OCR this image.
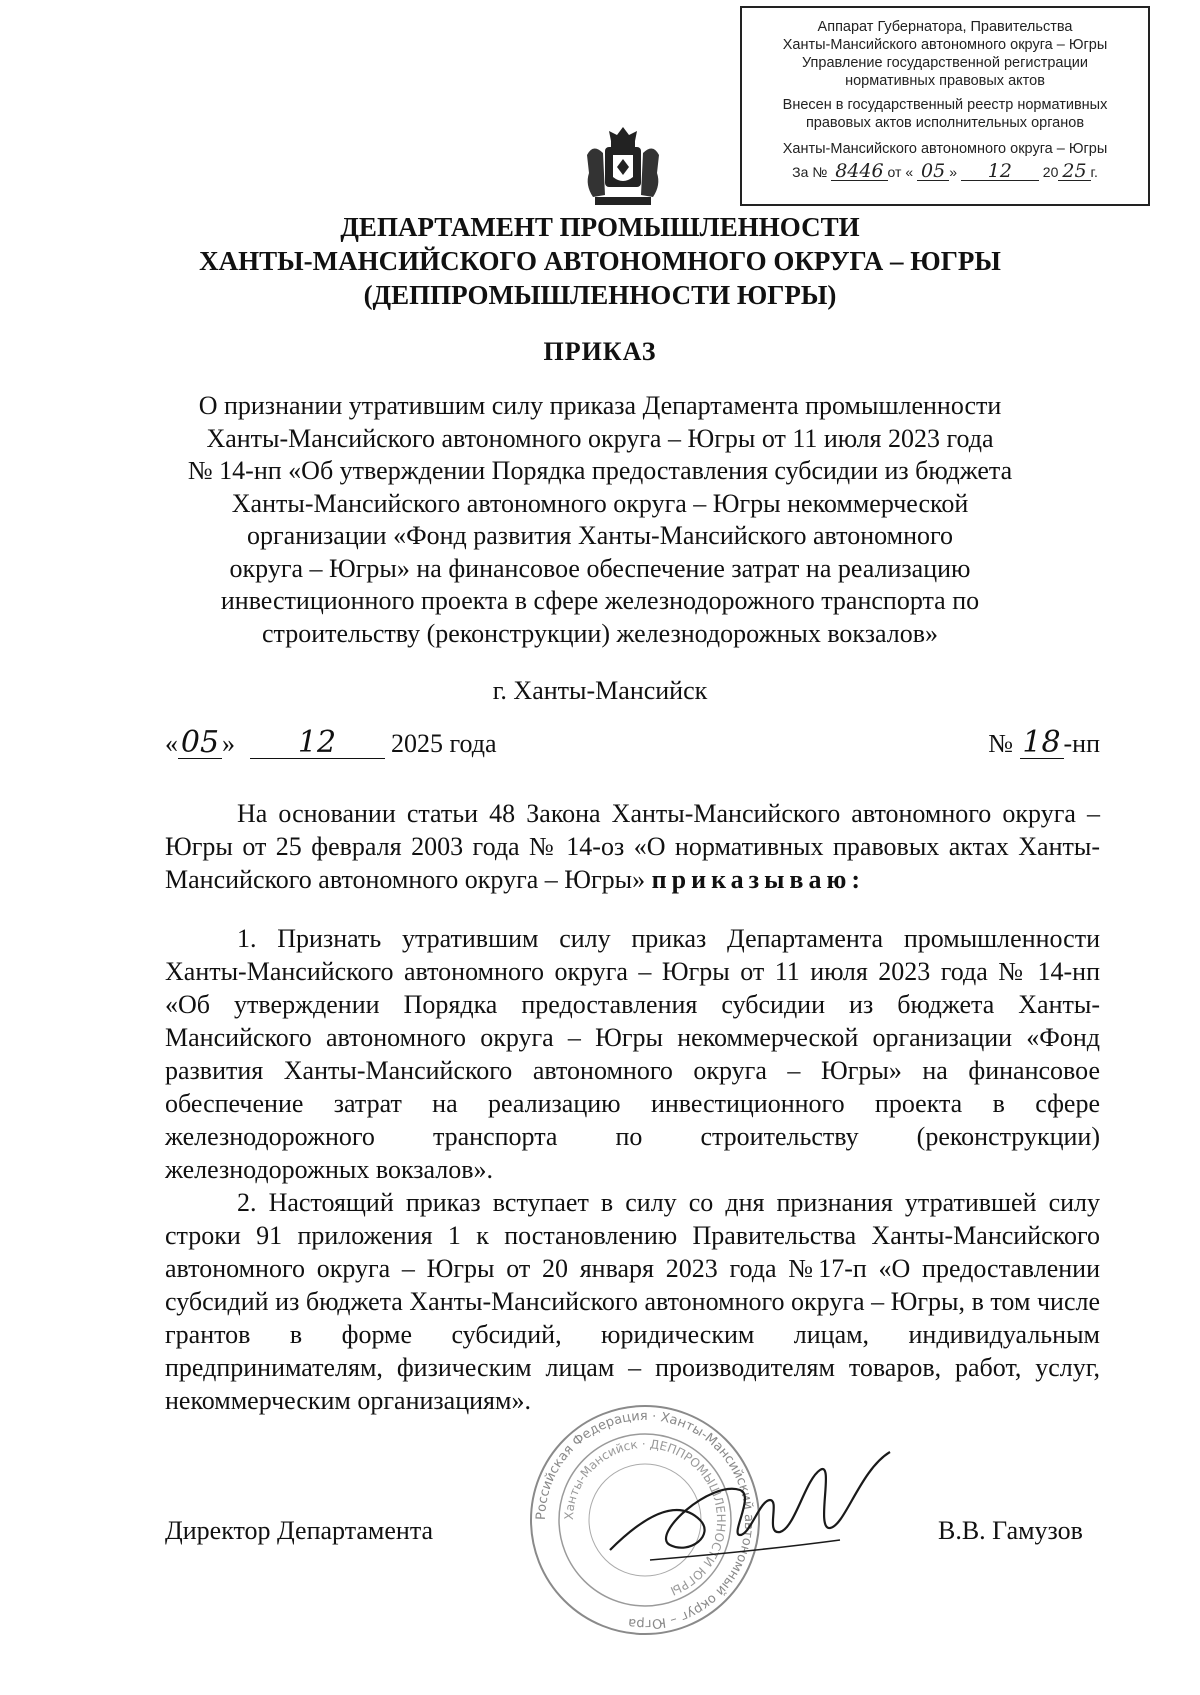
Аппарат Губернатора, Правительства
Ханты-Мансийского автономного округа – Югры
Управление государственной регистрации
нормативных правовых актов
Внесен в государственный реестр нормативных
правовых актов исполнительных органов
Ханты-Мансийского автономного округа – Югры
За № 8446 от « 05 » 12 20 25 г.
ДЕПАРТАМЕНТ ПРОМЫШЛЕННОСТИ
ХАНТЫ-МАНСИЙСКОГО АВТОНОМНОГО ОКРУГА – ЮГРЫ
(ДЕППРОМЫШЛЕННОСТИ ЮГРЫ)
ПРИКАЗ
О признании утратившим силу приказа Департамента промышленности
Ханты-Мансийского автономного округа – Югры от 11 июля 2023 года
№ 14-нп «Об утверждении Порядка предоставления субсидии из бюджета
Ханты-Мансийского автономного округа – Югры некоммерческой
организации «Фонд развития Ханты-Мансийского автономного
округа – Югры» на финансовое обеспечение затрат на реализацию
инвестиционного проекта в сфере железнодорожного транспорта по
строительству (реконструкции) железнодорожных вокзалов»
г. Ханты-Мансийск
«05 » 12 2025 года	№ 18 -нп
На основании статьи 48 Закона Ханты-Мансийского автономного округа – Югры от 25 февраля 2003 года № 14-оз «О нормативных правовых актах Ханты-Мансийского автономного округа – Югры» приказываю:
1. Признать утратившим силу приказ Департамента промышленности Ханты-Мансийского автономного округа – Югры от 11 июля 2023 года № 14-нп «Об утверждении Порядка предоставления субсидии из бюджета Ханты-Мансийского автономного округа – Югры некоммерческой организации «Фонд развития Ханты-Мансийского автономного округа – Югры» на финансовое обеспечение затрат на реализацию инвестиционного проекта в сфере железнодорожного транспорта по строительству (реконструкции) железнодорожных вокзалов».
2. Настоящий приказ вступает в силу со дня признания утратившей силу строки 91 приложения 1 к постановлению Правительства Ханты-Мансийского автономного округа – Югры от 20 января 2023 года №17-п «О предоставлении субсидий из бюджета Ханты-Мансийского автономного округа – Югры, в том числе грантов в форме субсидий, юридическим лицам, индивидуальным предпринимателям, физическим лицам – производителям товаров, работ, услуг, некоммерческим организациям».
Российская Федерация · Ханты-Мансийский автономный округ – Югра
Ханты-Мансийск · ДЕППРОМЫШЛЕННОСТИ ЮГРЫ
Директор Департамента	В.В. Гамузов
